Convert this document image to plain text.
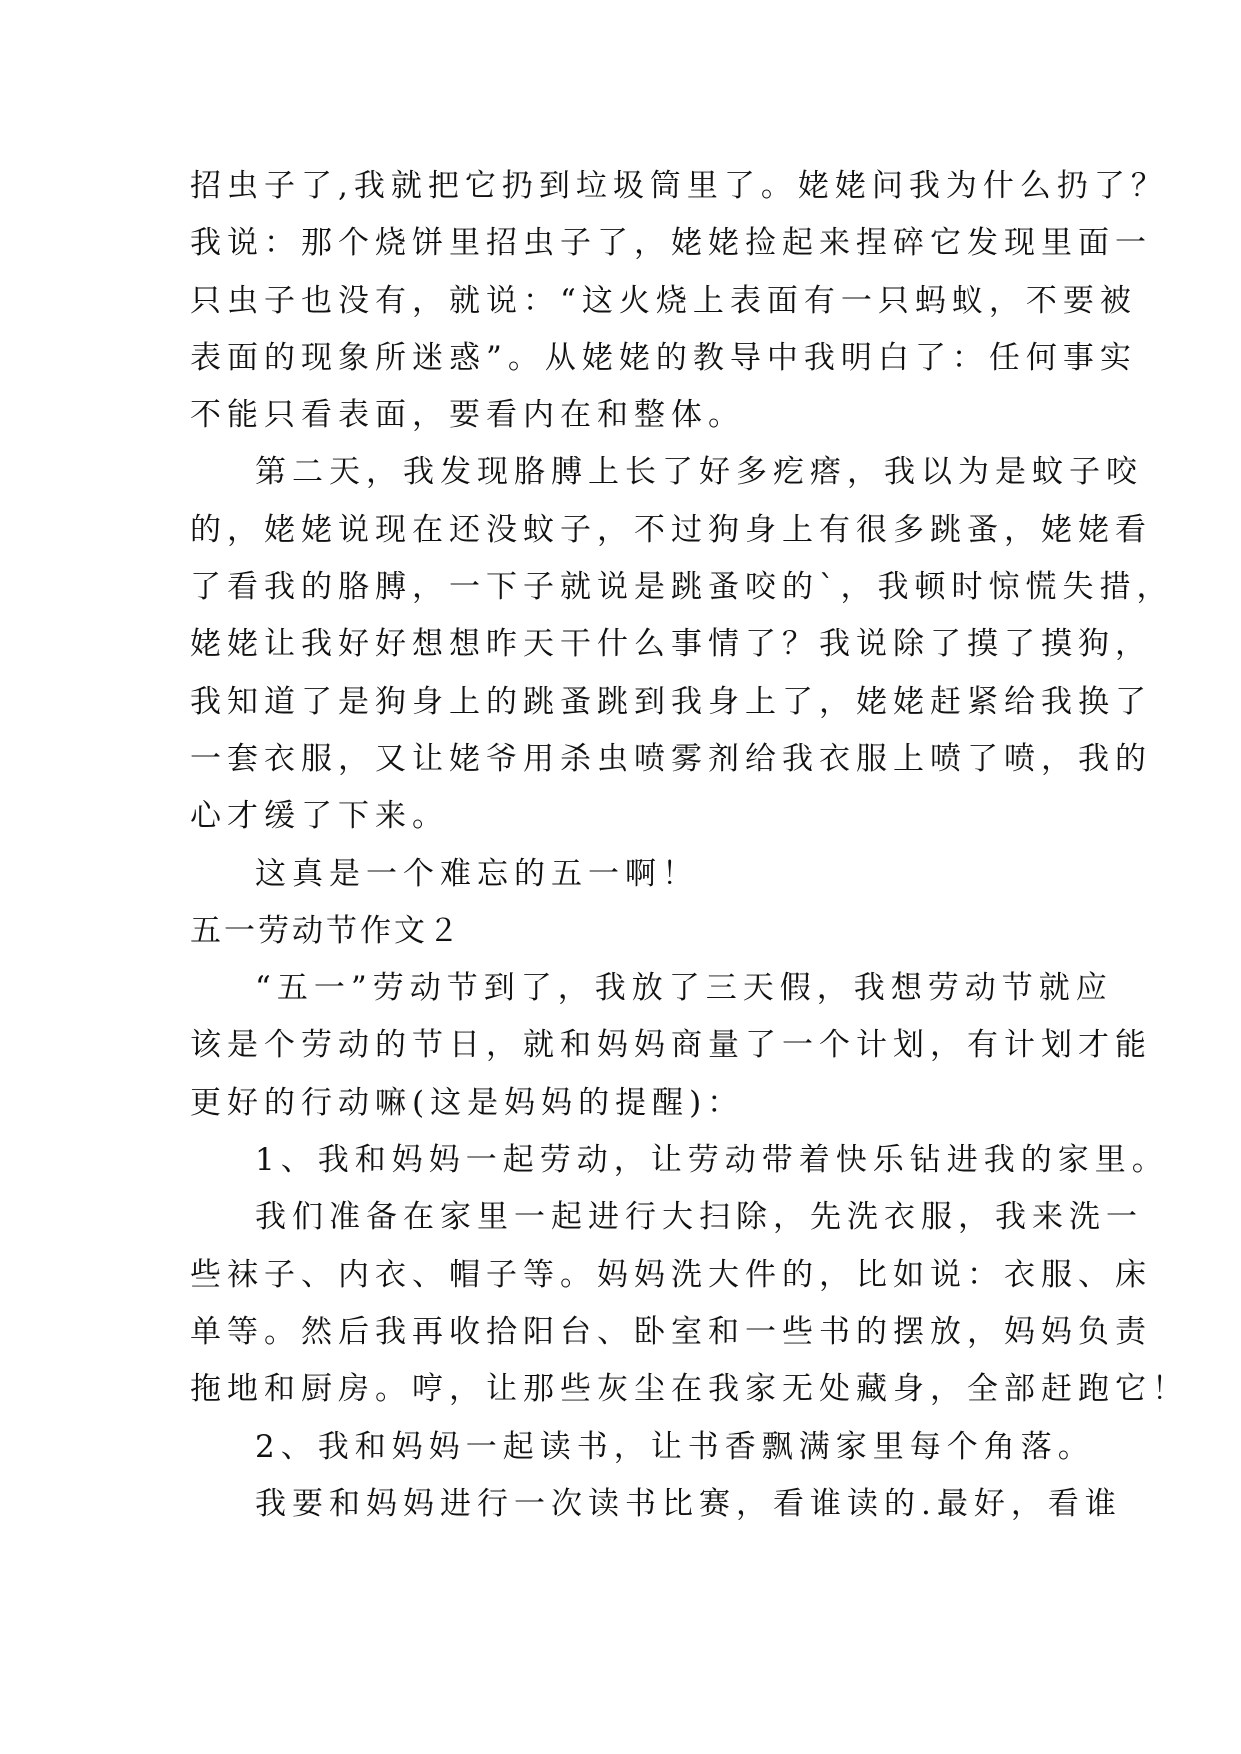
招虫子了,我就把它扔到垃圾筒里了。姥姥问我为什么扔了？
我说：那个烧饼里招虫子了，姥姥捡起来捏碎它发现里面一
只虫子也没有，就说：“这火烧上表面有一只蚂蚁，不要被
表面的现象所迷惑”。从姥姥的教导中我明白了：任何事实
不能只看表面，要看内在和整体。
第二天，我发现胳膊上长了好多疙瘩，我以为是蚊子咬
的，姥姥说现在还没蚊子，不过狗身上有很多跳蚤，姥姥看
了看我的胳膊，一下子就说是跳蚤咬的`，我顿时惊慌失措，
姥姥让我好好想想昨天干什么事情了？我说除了摸了摸狗，
我知道了是狗身上的跳蚤跳到我身上了，姥姥赶紧给我换了
一套衣服，又让姥爷用杀虫喷雾剂给我衣服上喷了喷，我的
心才缓了下来。
这真是一个难忘的五一啊！
五一劳动节作文２
“五一”劳动节到了，我放了三天假，我想劳动节就应
该是个劳动的节日，就和妈妈商量了一个计划，有计划才能
更好的行动嘛(这是妈妈的提醒)：
1、我和妈妈一起劳动，让劳动带着快乐钻进我的家里。
我们准备在家里一起进行大扫除，先洗衣服，我来洗一
些袜子、内衣、帽子等。妈妈洗大件的，比如说：衣服、床
单等。然后我再收拾阳台、卧室和一些书的摆放，妈妈负责
拖地和厨房。哼，让那些灰尘在我家无处藏身，全部赶跑它！
2、我和妈妈一起读书，让书香飘满家里每个角落。
我要和妈妈进行一次读书比赛，看谁读的.最好，看谁
